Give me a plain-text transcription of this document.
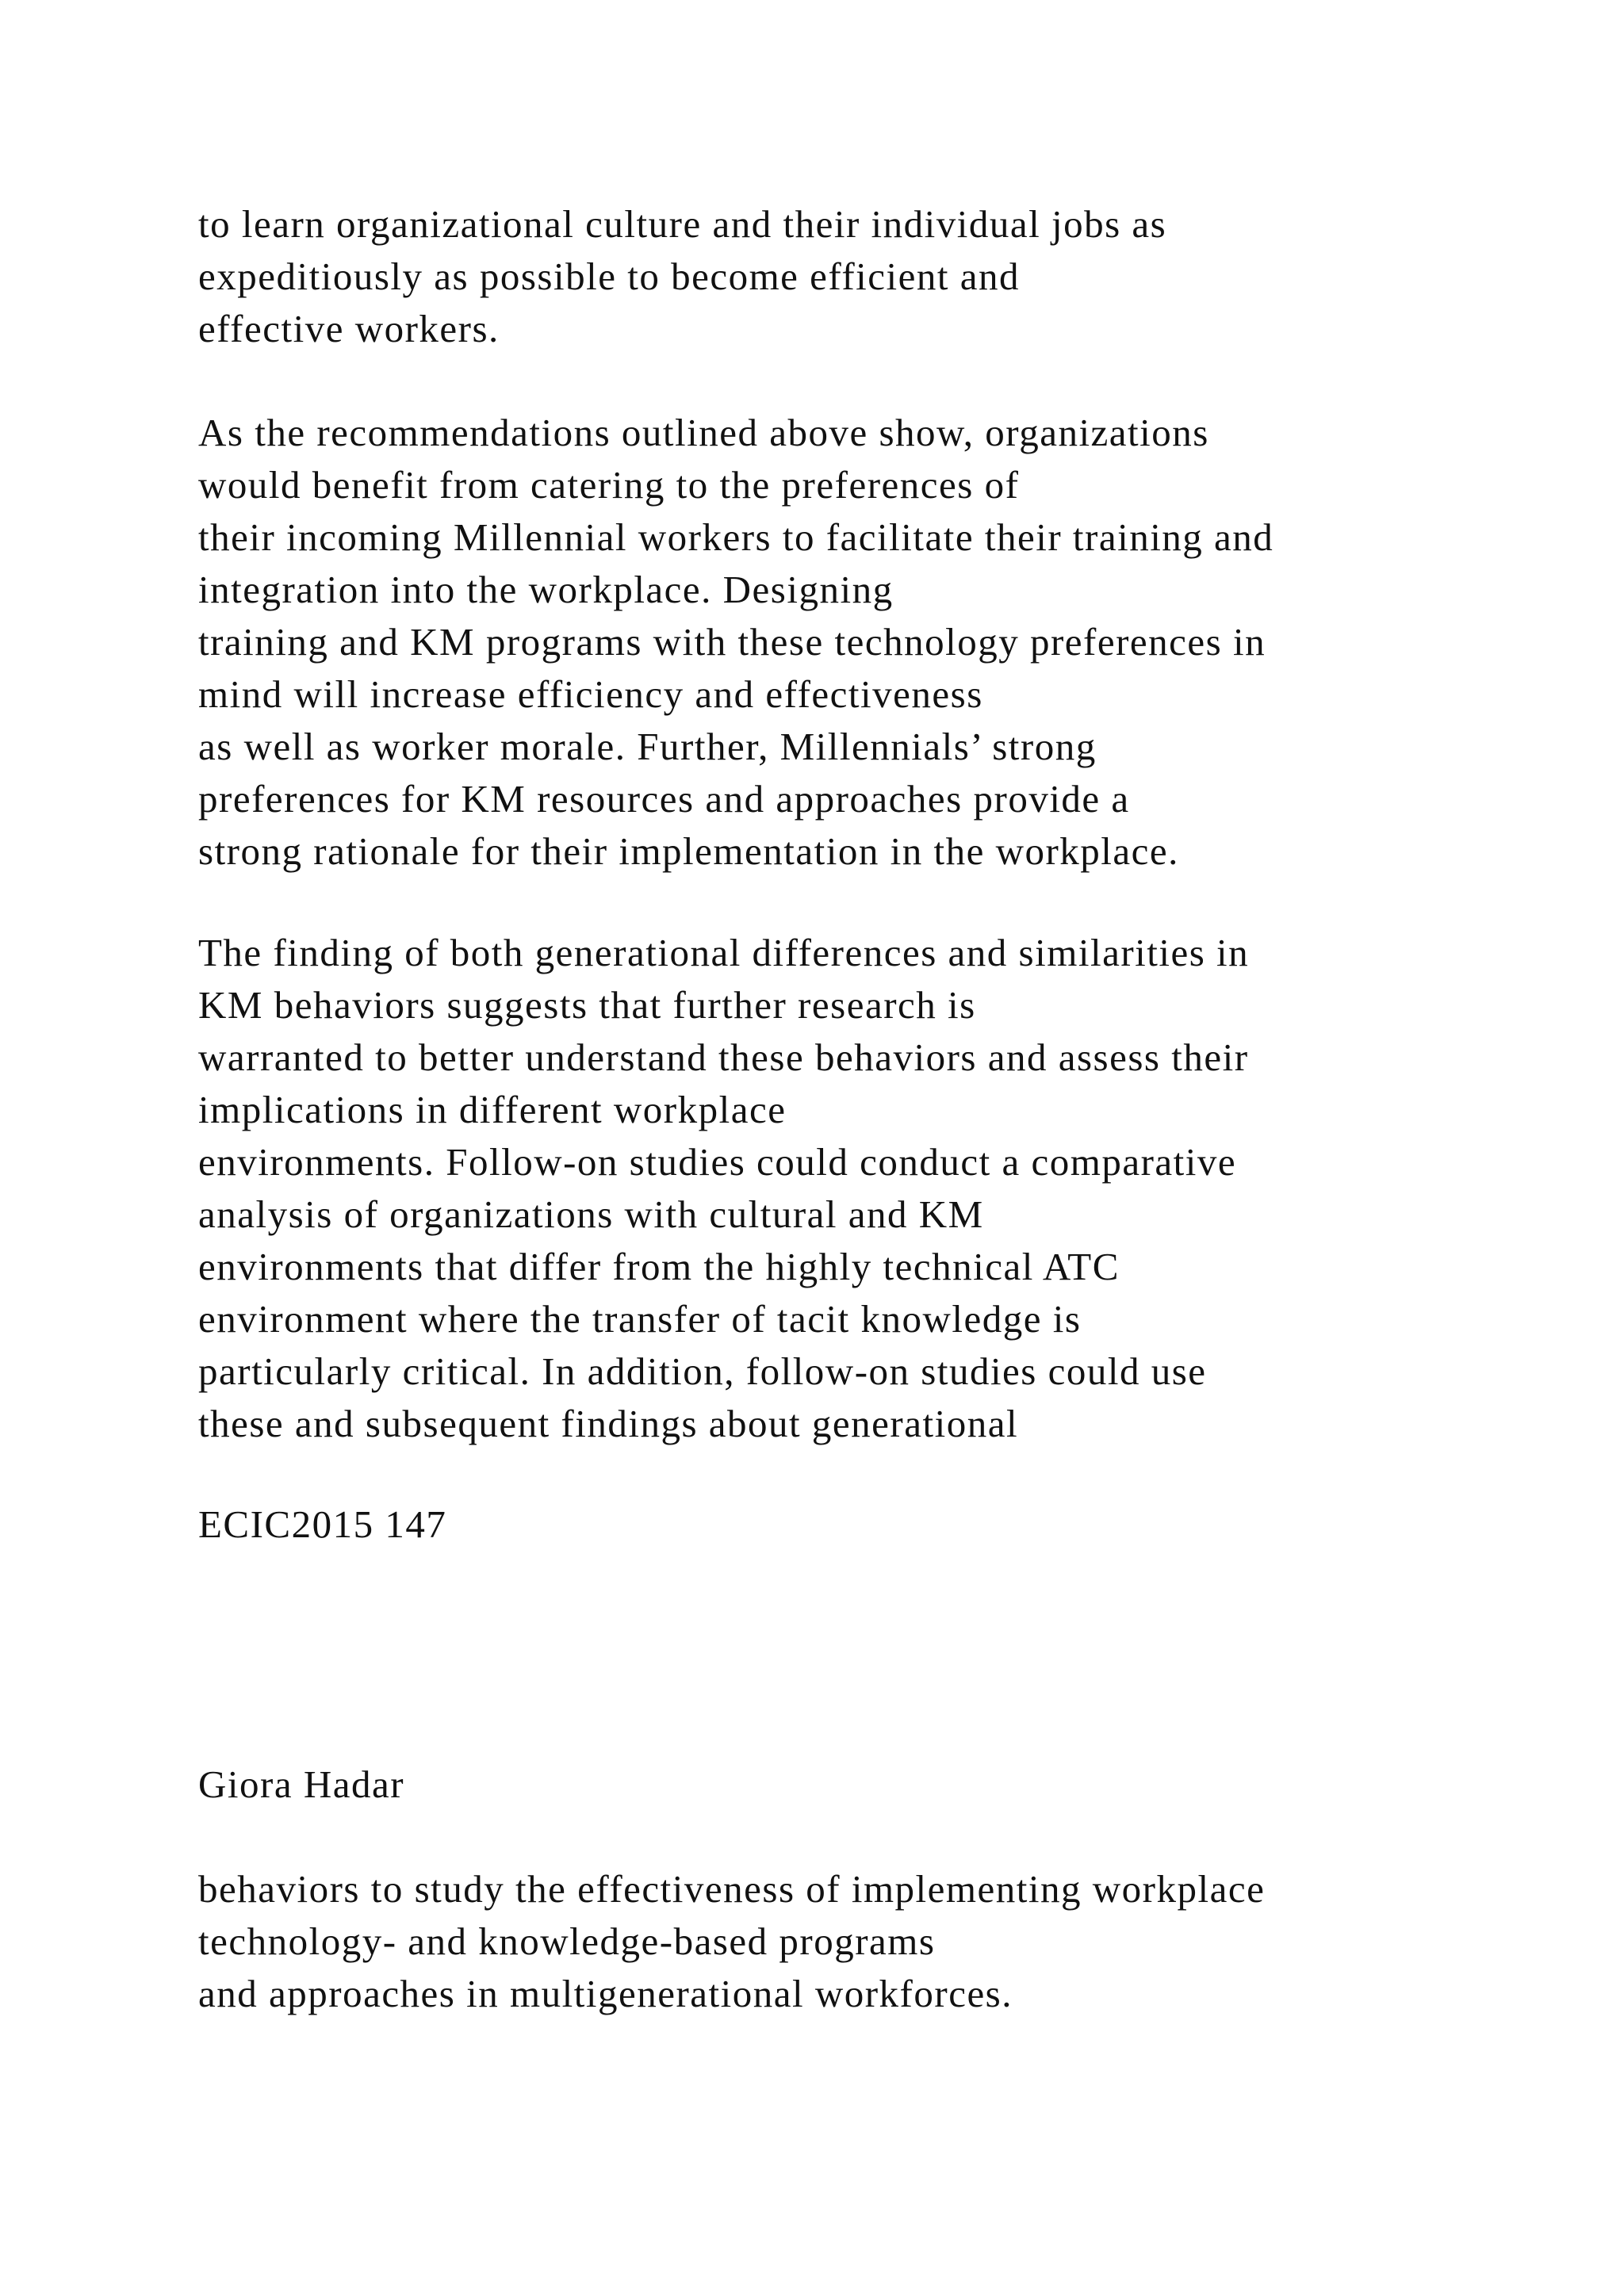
to learn organizational culture and their individual jobs as
expeditiously as possible to become efficient and
effective workers.
As the recommendations outlined above show, organizations
would benefit from catering to the preferences of
their incoming Millennial workers to facilitate their training and
integration into the workplace. Designing
training and KM programs with these technology preferences in
mind will increase efficiency and effectiveness
as well as worker morale. Further, Millennials’ strong
preferences for KM resources and approaches provide a
strong rationale for their implementation in the workplace.
The finding of both generational differences and similarities in
KM behaviors suggests that further research is
warranted to better understand these behaviors and assess their
implications in different workplace
environments. Follow-on studies could conduct a comparative
analysis of organizations with cultural and KM
environments that differ from the highly technical ATC
environment where the transfer of tacit knowledge is
particularly critical. In addition, follow-on studies could use
these and subsequent findings about generational
ECIC2015 147
Giora Hadar
behaviors to study the effectiveness of implementing workplace
technology- and knowledge-based programs
and approaches in multigenerational workforces.
